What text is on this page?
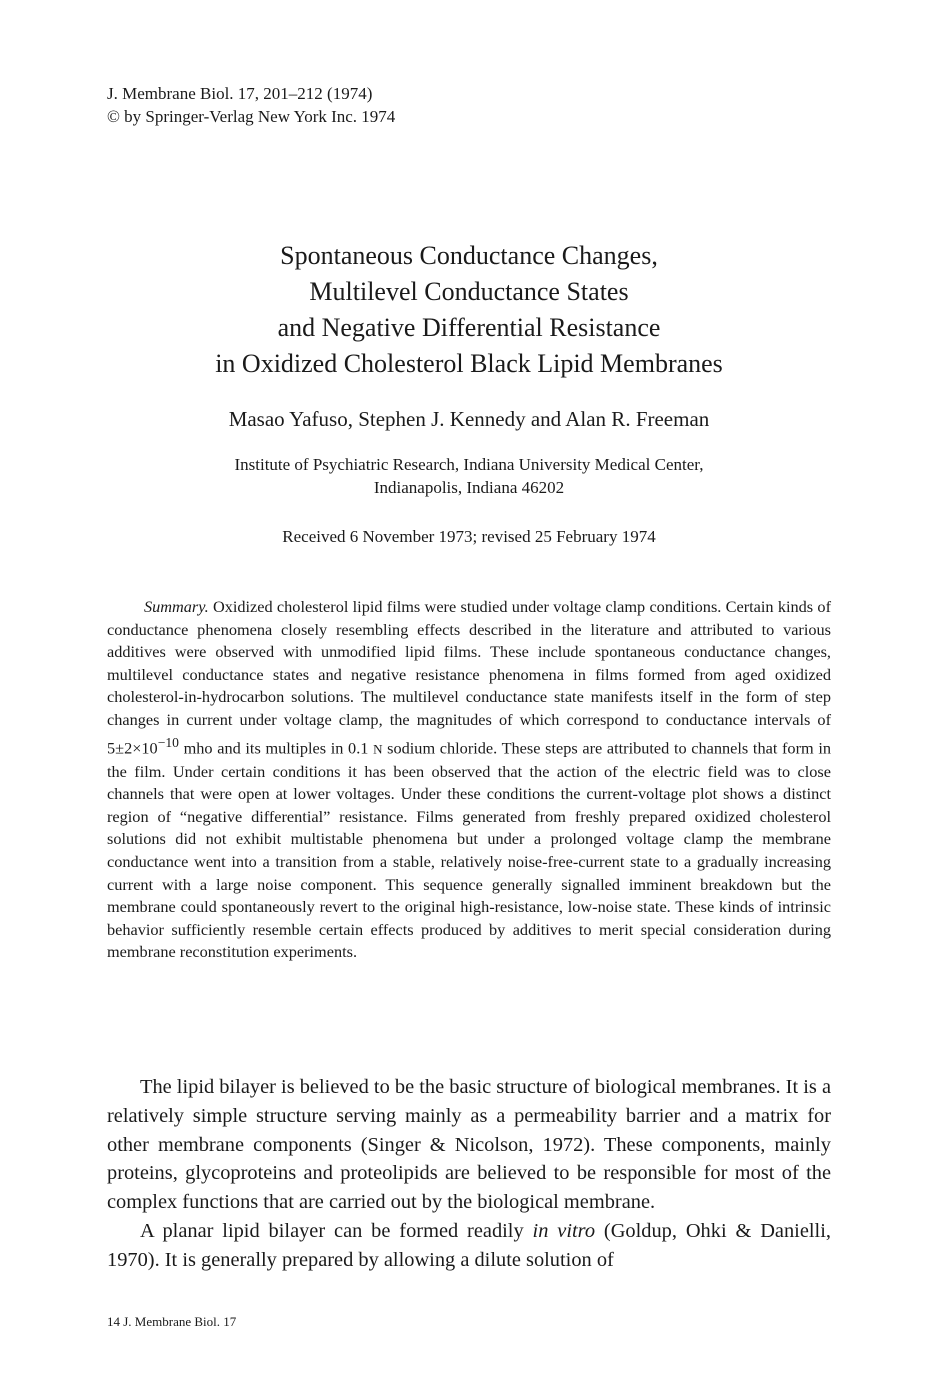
J. Membrane Biol. 17, 201–212 (1974)
© by Springer-Verlag New York Inc. 1974
Spontaneous Conductance Changes,
Multilevel Conductance States
and Negative Differential Resistance
in Oxidized Cholesterol Black Lipid Membranes
Masao Yafuso, Stephen J. Kennedy and Alan R. Freeman
Institute of Psychiatric Research, Indiana University Medical Center,
Indianapolis, Indiana 46202
Received 6 November 1973; revised 25 February 1974
Summary. Oxidized cholesterol lipid films were studied under voltage clamp conditions. Certain kinds of conductance phenomena closely resembling effects described in the literature and attributed to various additives were observed with unmodified lipid films. These include spontaneous conductance changes, multilevel conductance states and negative resistance phenomena in films formed from aged oxidized cholesterol-in-hydrocarbon solutions. The multilevel conductance state manifests itself in the form of step changes in current under voltage clamp, the magnitudes of which correspond to conductance intervals of $5\pm 2\times 10^{-10}$ mho and its multiples in 0.1 N sodium chloride. These steps are attributed to channels that form in the film. Under certain conditions it has been observed that the action of the electric field was to close channels that were open at lower voltages. Under these conditions the current-voltage plot shows a distinct region of “negative differential” resistance. Films generated from freshly prepared oxidized cholesterol solutions did not exhibit multistable phenomena but under a prolonged voltage clamp the membrane conductance went into a transition from a stable, relatively noise-free-current state to a gradually increasing current with a large noise component. This sequence generally signalled imminent breakdown but the membrane could spontaneously revert to the original high-resistance, low-noise state. These kinds of intrinsic behavior sufficiently resemble certain effects produced by additives to merit special consideration during membrane reconstitution experiments.

The lipid bilayer is believed to be the basic structure of biological membranes. It is a relatively simple structure serving mainly as a permeability barrier and a matrix for other membrane components (Singer & Nicolson, 1972). These components, mainly proteins, glycoproteins and proteolipids are believed to be responsible for most of the complex functions that are carried out by the biological membrane.

A planar lipid bilayer can be formed readily in vitro (Goldup, Ohki & Danielli, 1970). It is generally prepared by allowing a dilute solution of

14 J. Membrane Biol. 17
